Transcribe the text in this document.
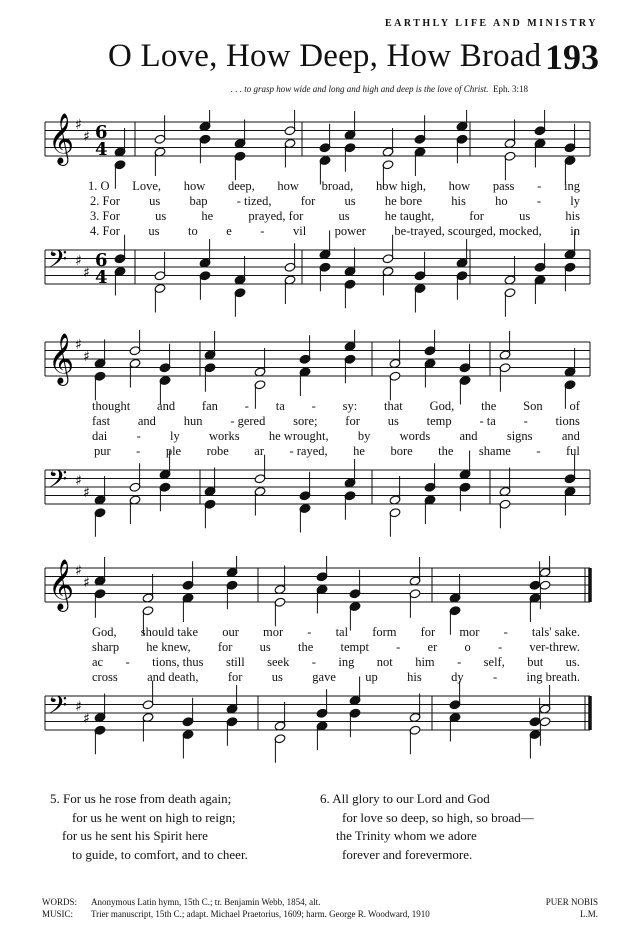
EARTHLY LIFE AND MINISTRY
O Love, How Deep, How Broad 193
. . . to grasp how wide and long and high and deep is the love of Christ. Eph. 3:18
𝄞 ♯
♯ 6
4
𝄢 ♯
♯
6
4
𝄞 ♯
♯
𝄢 ♯
♯
𝄞 ♯
♯
𝄢 ♯
♯
1. O Love, how deep, how broad, how high, how pass - ing
2. For us bap - tized, for us he bore his ho - ly
3. For	us	he	prayed, for	us	he taught,	for	us	his
4. For us to e - vil power be-trayed, scourged, mocked, in
thought and fan - ta - sy: that God, the Son of
fast and hun - gered sore; for us temp - ta - tions
dai - ly works he wrought, by words and signs and
pur - ple robe ar - rayed, he bore the shame - ful
God, should take our mor - tal form for mor - tals' sake.
sharp he knew, for us the tempt - er o - ver-threw.
ac - tions, thus still seek - ing not him - self, but us.
cross and death, for us gave up his dy - ing breath.
5. For us he rose from death again;
for us he went on high to reign;
for us he sent his Spirit here
to guide, to comfort, and to cheer.
6. All glory to our Lord and God
for love so deep, so high, so broad—
the Trinity whom we adore
forever and forevermore.
WORDS: Anonymous Latin hymn, 15th C.; tr. Benjamin Webb, 1854, alt.
MUSIC: Trier manuscript, 15th C.; adapt. Michael Praetorius, 1609; harm. George R. Woodward, 1910
PUER NOBIS
L.M.
